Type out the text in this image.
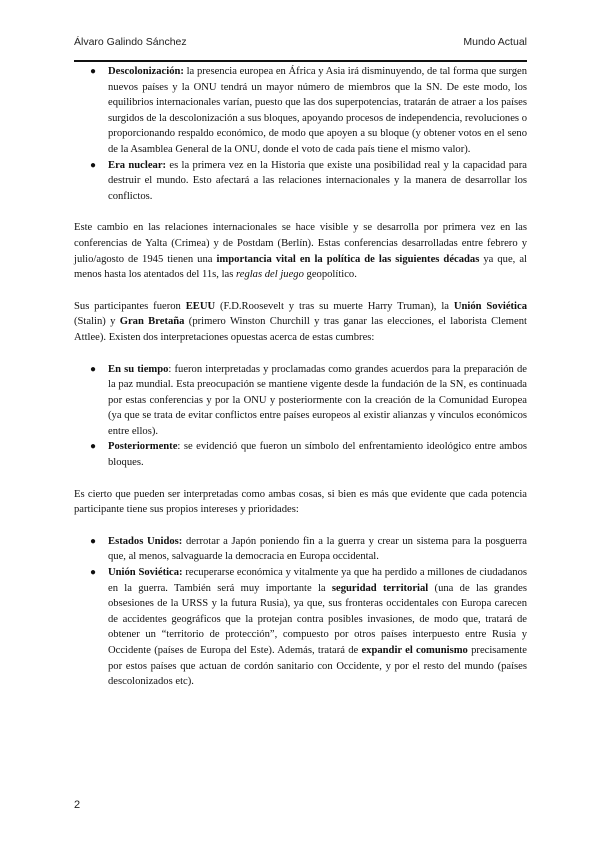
Álvaro Galindo Sánchez	Mundo Actual
● Descolonización: la presencia europea en África y Asia irá disminuyendo, de tal forma que surgen nuevos países y la ONU tendrá un mayor número de miembros que la SN. De este modo, los equilibrios internacionales varían, puesto que las dos superpotencias, tratarán de atraer a los países surgidos de la descolonización a sus bloques, apoyando procesos de independencia, revoluciones o proporcionando respaldo económico, de modo que apoyen a su bloque (y obtener votos en el seno de la Asamblea General de la ONU, donde el voto de cada país tiene el mismo valor).
● Era nuclear: es la primera vez en la Historia que existe una posibilidad real y la capacidad para destruir el mundo. Esto afectará a las relaciones internacionales y la manera de desarrollar los conflictos.

Este cambio en las relaciones internacionales se hace visible y se desarrolla por primera vez en las conferencias de Yalta (Crimea) y de Postdam (Berlín). Estas conferencias desarrolladas entre febrero y julio/agosto de 1945 tienen una importancia vital en la política de las siguientes décadas ya que, al menos hasta los atentados del 11s, las reglas del juego geopolítico.

Sus participantes fueron EEUU (F.D.Roosevelt y tras su muerte Harry Truman), la Unión Soviética (Stalin) y Gran Bretaña (primero Winston Churchill y tras ganar las elecciones, el laborista Clement Attlee). Existen dos interpretaciones opuestas acerca de estas cumbres:

● En su tiempo: fueron interpretadas y proclamadas como grandes acuerdos para la preparación de la paz mundial. Esta preocupación se mantiene vigente desde la fundación de la SN, es continuada por estas conferencias y por la ONU y posteriormente con la creación de la Comunidad Europea (ya que se trata de evitar conflictos entre países europeos al existir alianzas y vínculos económicos entre ellos).
● Posteriormente: se evidenció que fueron un símbolo del enfrentamiento ideológico entre ambos bloques.

Es cierto que pueden ser interpretadas como ambas cosas, si bien es más que evidente que cada potencia participante tiene sus propios intereses y prioridades:

● Estados Unidos: derrotar a Japón poniendo fin a la guerra y crear un sistema para la posguerra que, al menos, salvaguarde la democracia en Europa occidental.
● Unión Soviética: recuperarse económica y vitalmente ya que ha perdido a millones de ciudadanos en la guerra. También será muy importante la seguridad territorial (una de las grandes obsesiones de la URSS y la futura Rusia), ya que, sus fronteras occidentales con Europa carecen de accidentes geográficos que la protejan contra posibles invasiones, de modo que, tratará de obtener un “territorio de protección”, compuesto por otros países interpuesto entre Rusia y Occidente (países de Europa del Este). Además, tratará de expandir el comunismo precisamente por estos países que actuan de cordón sanitario con Occidente, y por el resto del mundo (países descolonizados etc).
2
